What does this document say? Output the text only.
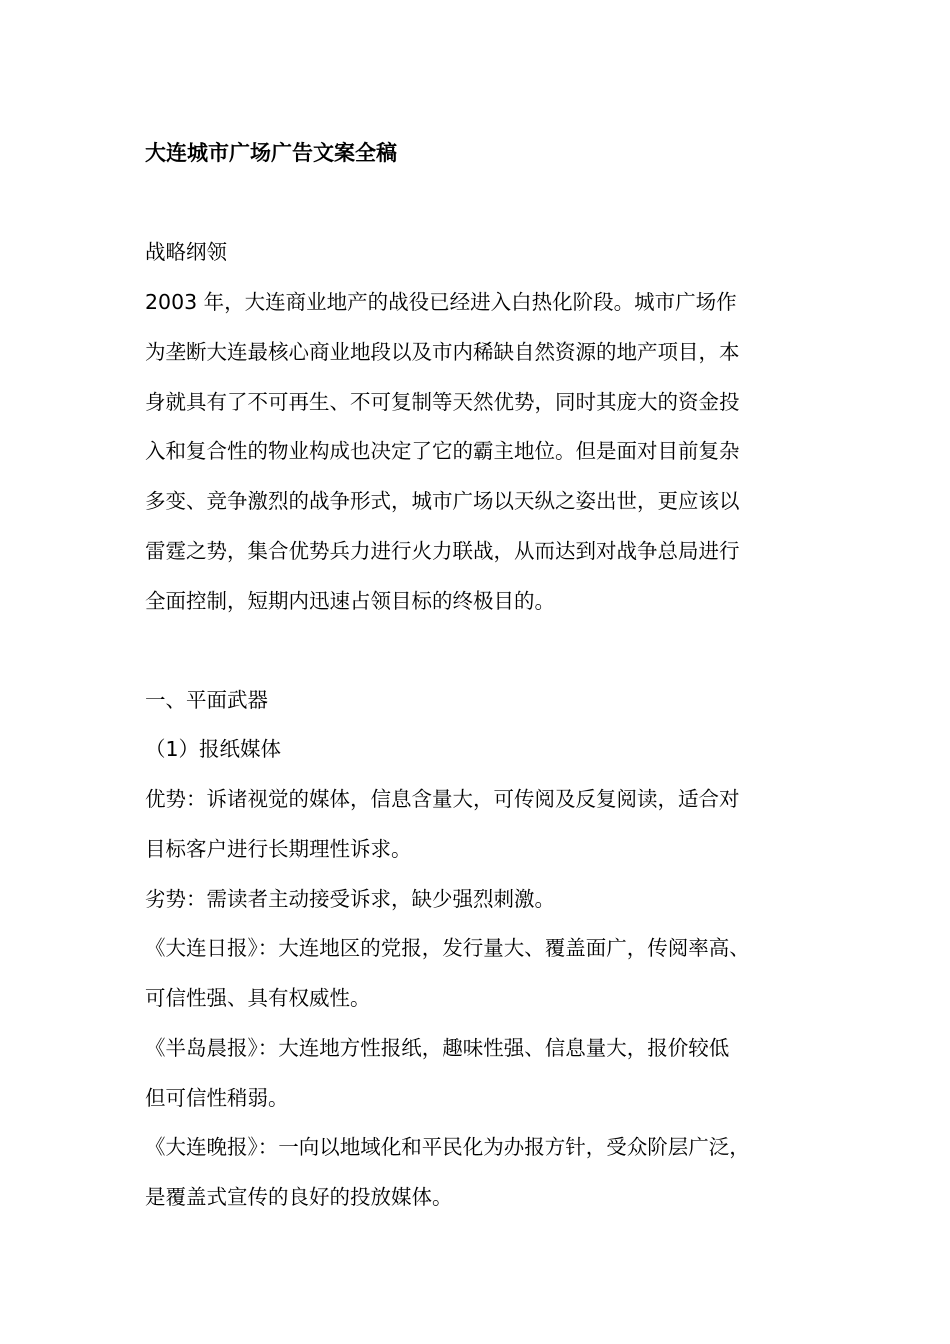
大连城市广场广告文案全稿
战略纲领
2003 年，大连商业地产的战役已经进入白热化阶段。城市广场作
为垄断大连最核心商业地段以及市内稀缺自然资源的地产项目，本
身就具有了不可再生、不可复制等天然优势，同时其庞大的资金投
入和复合性的物业构成也决定了它的霸主地位。但是面对目前复杂
多变、竞争激烈的战争形式，城市广场以天纵之姿出世，更应该以
雷霆之势，集合优势兵力进行火力联战，从而达到对战争总局进行
全面控制，短期内迅速占领目标的终极目的。
一、平面武器
（1）报纸媒体
优势：诉诸视觉的媒体，信息含量大，可传阅及反复阅读，适合对
目标客户进行长期理性诉求。
劣势：需读者主动接受诉求，缺少强烈刺激。
《大连日报》：大连地区的党报，发行量大、覆盖面广，传阅率高、
可信性强、具有权威性。
《半岛晨报》：大连地方性报纸，趣味性强、信息量大，报价较低
但可信性稍弱。
《大连晚报》：一向以地域化和平民化为办报方针，受众阶层广泛，
是覆盖式宣传的良好的投放媒体。
